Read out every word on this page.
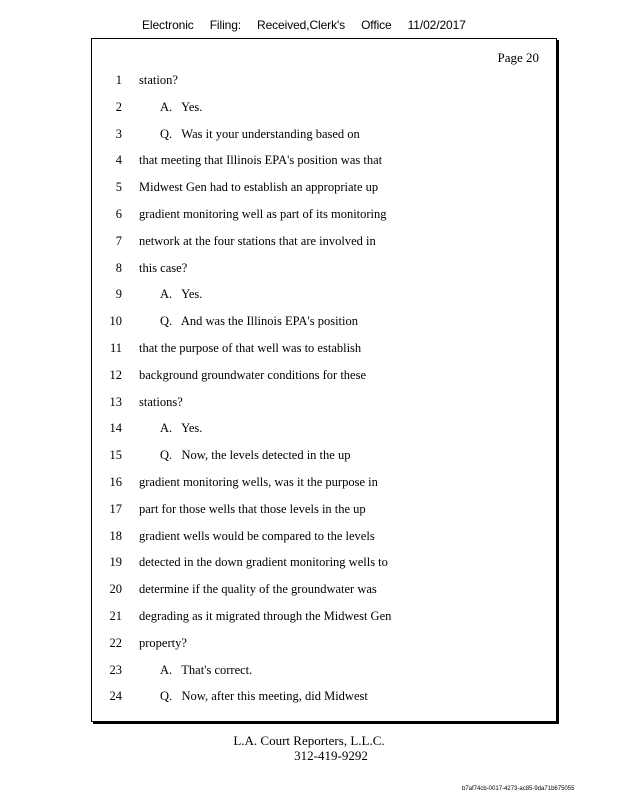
Electronic Filing: Received,Clerk's Office 11/02/2017
Page 20
1 station?
2	A.   Yes.
3	Q.   Was it your understanding based on
4 that meeting that Illinois EPA's position was that
5 Midwest Gen had to establish an appropriate up
6 gradient monitoring well as part of its monitoring
7 network at the four stations that are involved in
8 this case?
9	A.   Yes.
10	Q.   And was the Illinois EPA's position
11 that the purpose of that well was to establish
12 background groundwater conditions for these
13 stations?
14	A.   Yes.
15	Q.   Now, the levels detected in the up
16 gradient monitoring wells, was it the purpose in
17 part for those wells that those levels in the up
18 gradient wells would be compared to the levels
19 detected in the down gradient monitoring wells to
20 determine if the quality of the groundwater was
21 degrading as it migrated through the Midwest Gen
22 property?
23	A.   That's correct.
24	Q.   Now, after this meeting, did Midwest
L.A. Court Reporters, L.L.C.
312-419-9292
b7af74cb-0017-4273-ac85-9da71b675055
